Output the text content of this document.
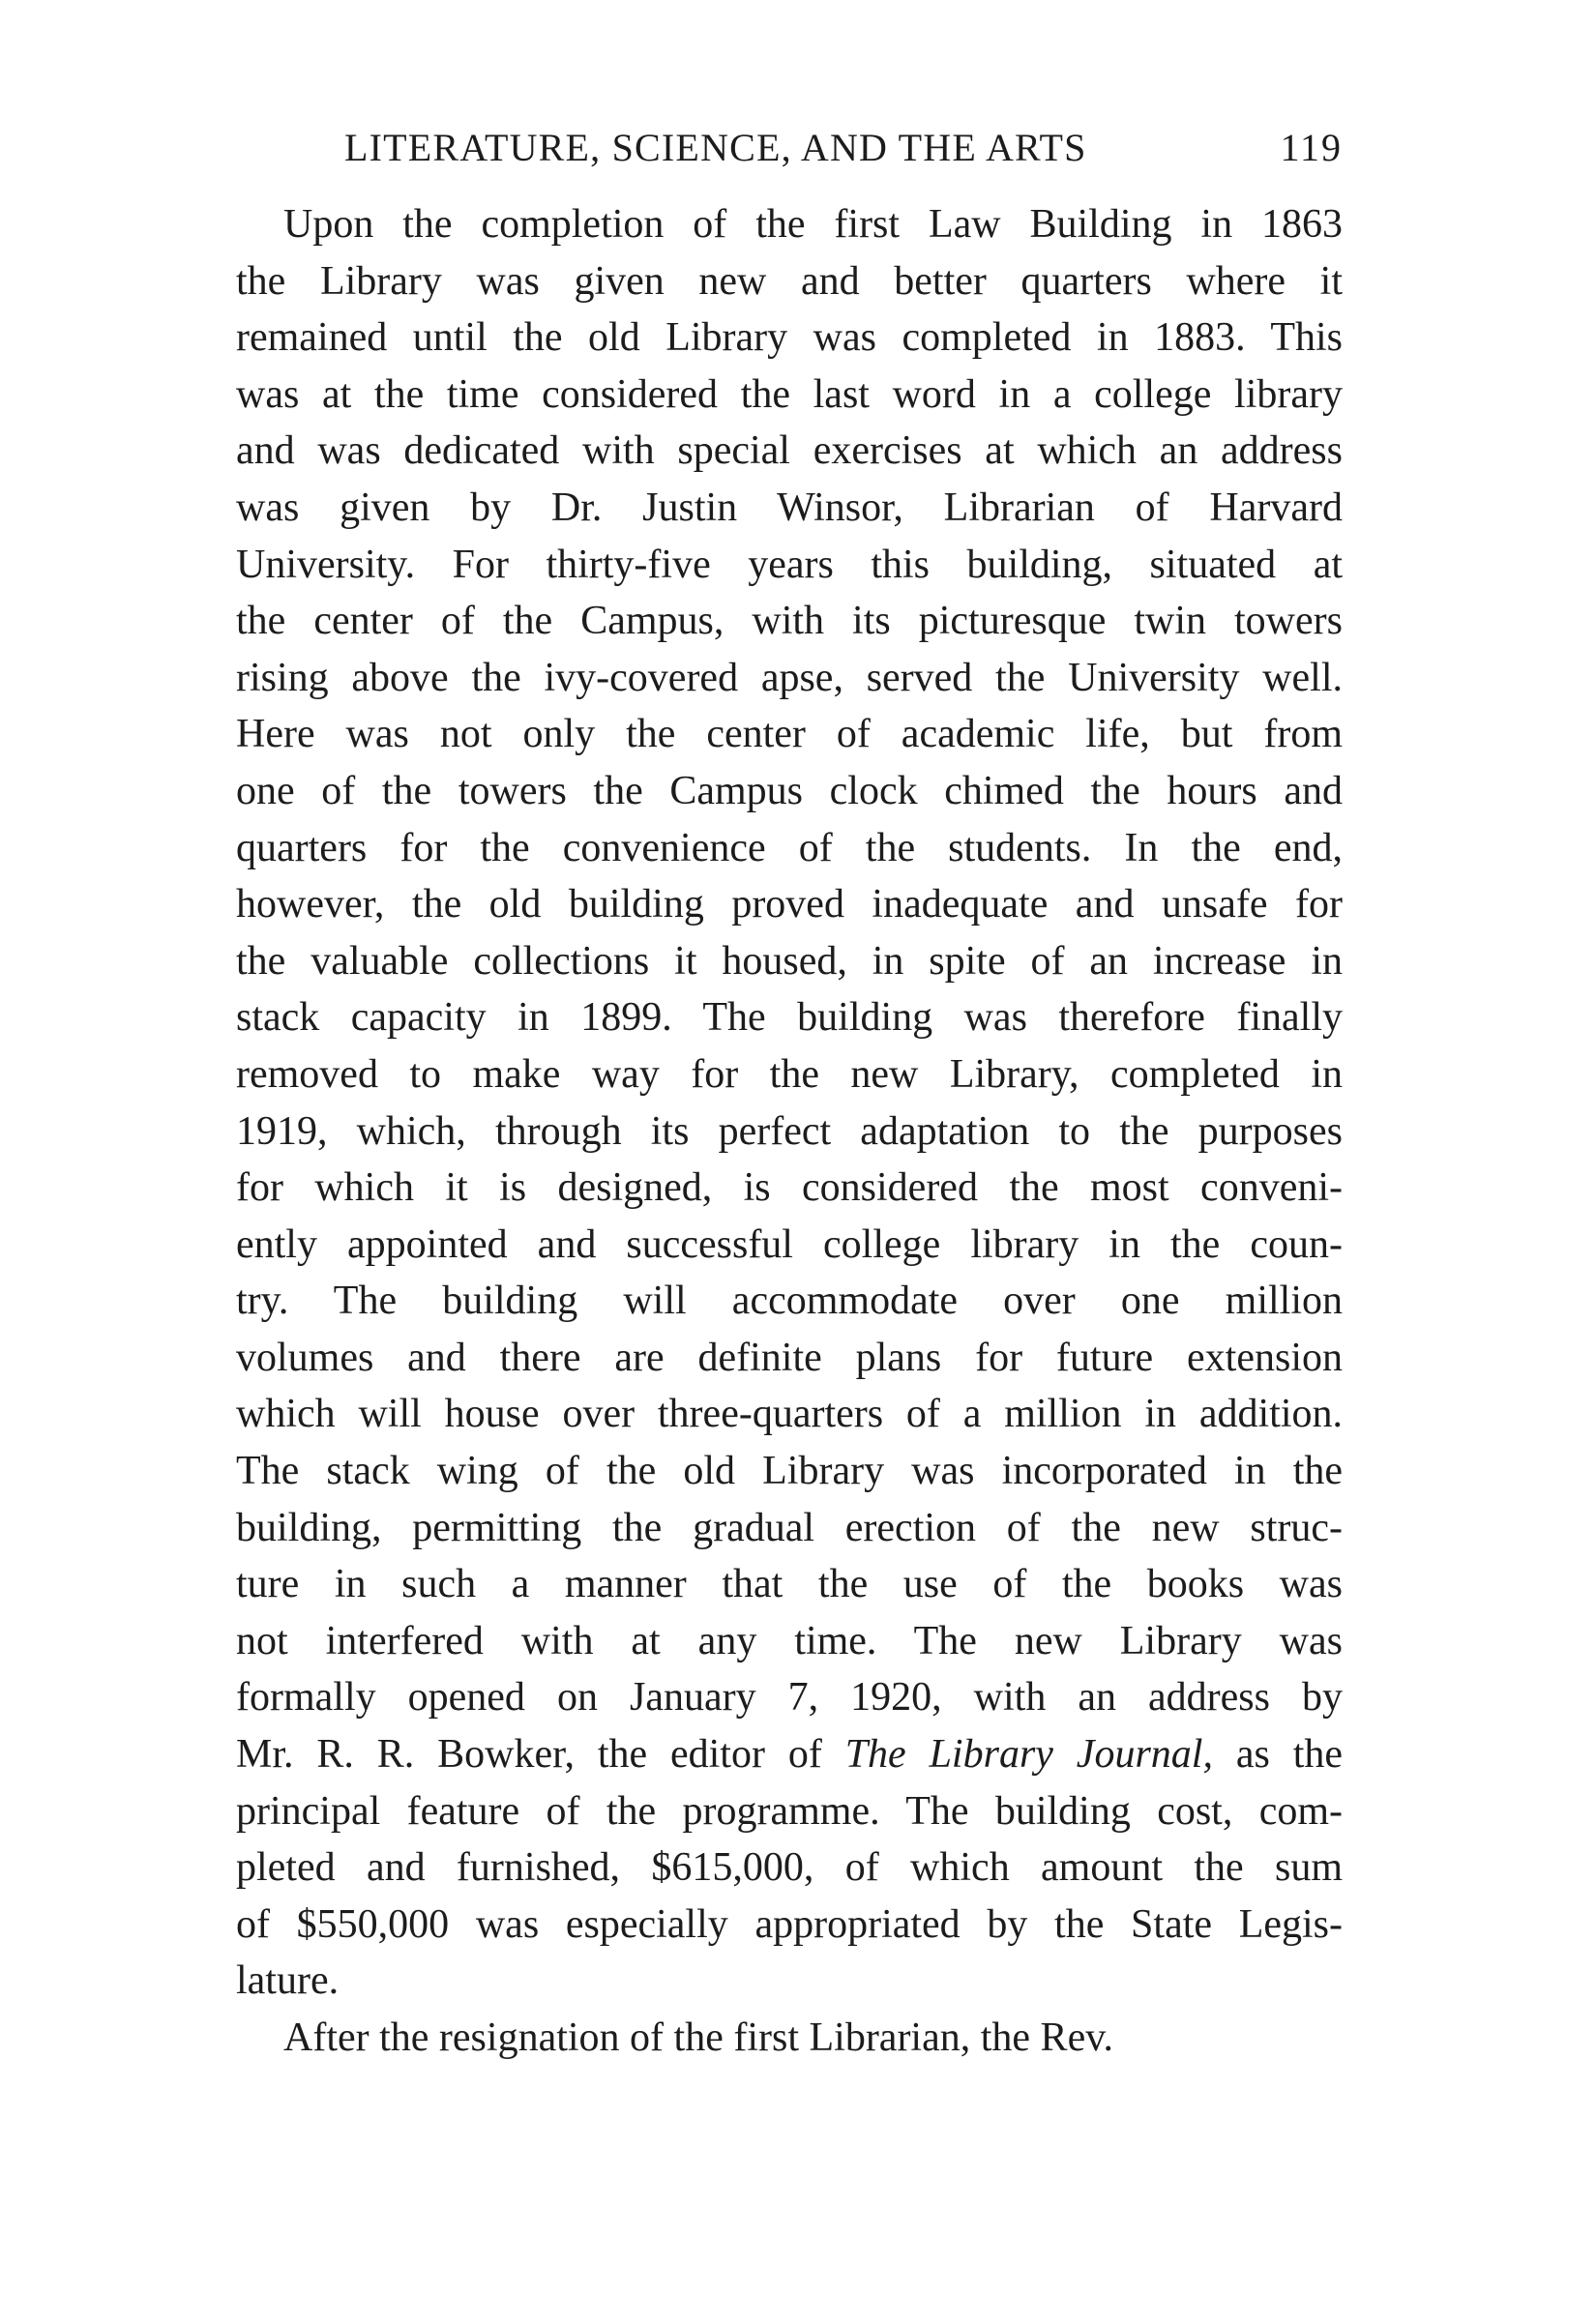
LITERATURE, SCIENCE, AND THE ARTS	119
Upon the completion of the first Law Building in 1863
the Library was given new and better quarters where it
remained until the old Library was completed in 1883. This
was at the time considered the last word in a college library
and was dedicated with special exercises at which an address
was given by Dr. Justin Winsor, Librarian of Harvard
University. For thirty-five years this building, situated at
the center of the Campus, with its picturesque twin towers
rising above the ivy-covered apse, served the University well.
Here was not only the center of academic life, but from
one of the towers the Campus clock chimed the hours and
quarters for the convenience of the students. In the end,
however, the old building proved inadequate and unsafe for
the valuable collections it housed, in spite of an increase in
stack capacity in 1899. The building was therefore finally
removed to make way for the new Library, completed in
1919, which, through its perfect adaptation to the purposes
for which it is designed, is considered the most conveni-
ently appointed and successful college library in the coun-
try. The building will accommodate over one million
volumes and there are definite plans for future extension
which will house over three-quarters of a million in addition.
The stack wing of the old Library was incorporated in the
building, permitting the gradual erection of the new struc-
ture in such a manner that the use of the books was
not interfered with at any time. The new Library was
formally opened on January 7, 1920, with an address by
Mr. R. R. Bowker, the editor of The Library Journal, as the
principal feature of the programme. The building cost, com-
pleted and furnished, $615,000, of which amount the sum
of $550,000 was especially appropriated by the State Legis-
lature.
After the resignation of the first Librarian, the Rev.
